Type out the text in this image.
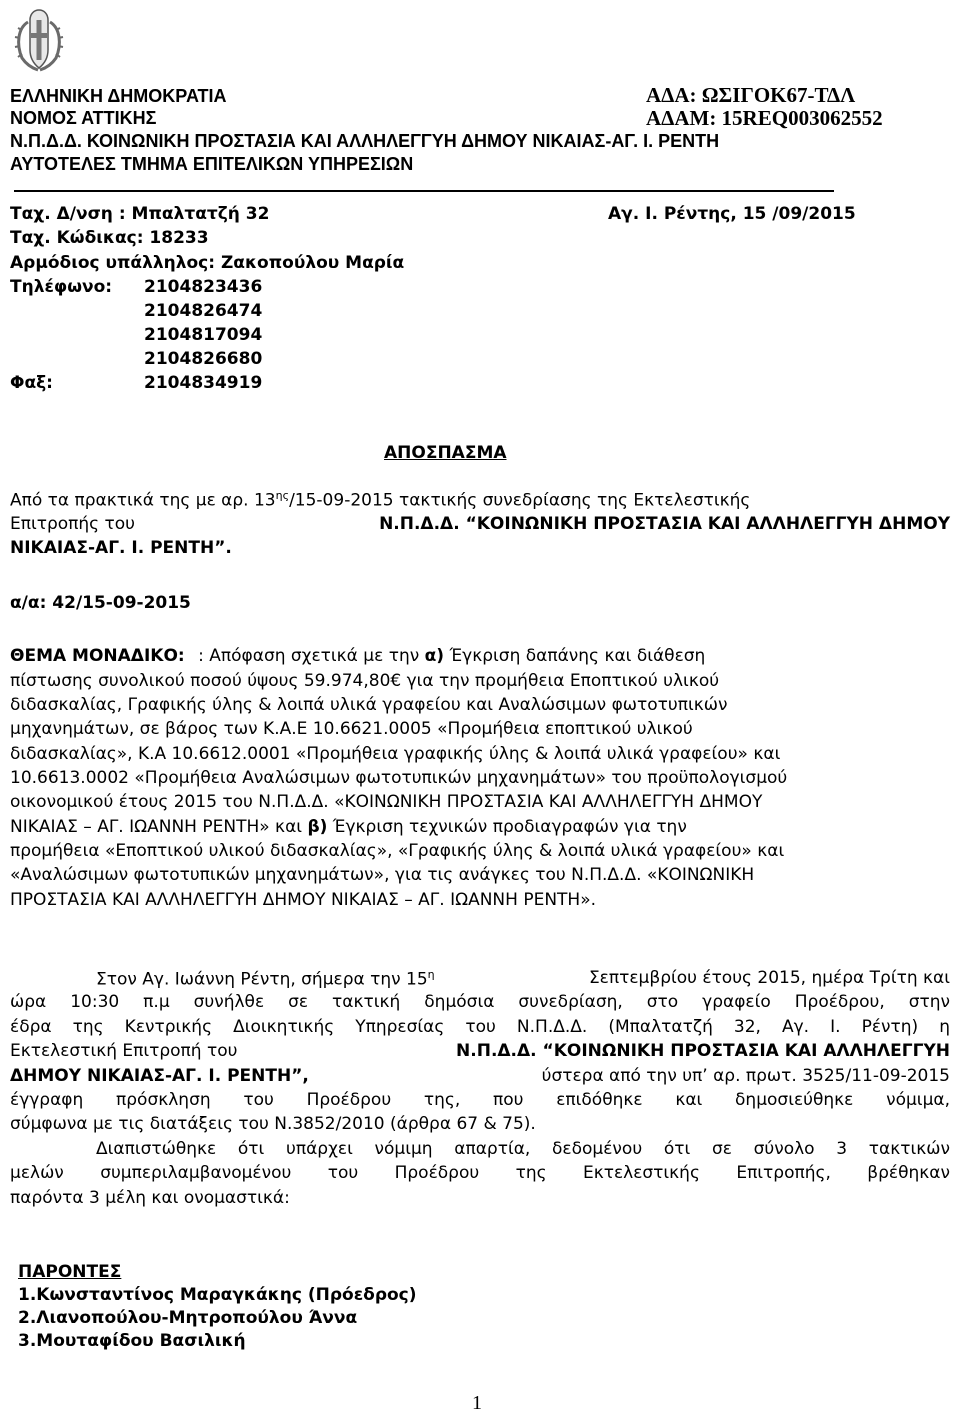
ΕΛΛΗΝΙΚΗ ΔΗΜΟΚΡΑΤΙΑ
ΝΟΜΟΣ ΑΤΤΙΚΗΣ
ΑΔΑ: ΩΣΙΓΟΚ67-ΤΔΛ
ΑΔΑΜ: 15REQ003062552
Ν.Π.Δ.Δ. ΚΟΙΝΩΝΙΚΗ ΠΡΟΣΤΑΣΙΑ ΚΑΙ ΑΛΛΗΛΕΓΓΥΗ ΔΗΜΟΥ ΝΙΚΑΙΑΣ-ΑΓ. Ι. ΡΕΝΤΗ
ΑΥΤΟΤΕΛΕΣ ΤΜΗΜΑ ΕΠΙΤΕΛΙΚΩΝ ΥΠΗΡΕΣΙΩΝ
Ταχ. Δ/νση : Μπαλτατζή 32	Αγ. Ι. Ρέντης, 15 /09/2015
Ταχ. Κώδικας: 18233
Αρμόδιος υπάλληλος: Ζακοπούλου Μαρία
Τηλέφωνο: 2104823436
2104826474
2104817094
2104826680
Φαξ:	2104834919
ΑΠΟΣΠΑΣΜΑ
Από τα πρακτικά της με αρ. $13^{\eta\varsigma}/15-09-2015$ τακτικής συνεδρίασης της Εκτελεστικής
Επιτροπής του	Ν.Π.Δ.Δ. “ΚΟΙΝΩΝΙΚΗ ΠΡΟΣΤΑΣΙΑ ΚΑΙ ΑΛΛΗΛΕΓΓΥΗ ΔΗΜΟΥ
ΝΙΚΑΙΑΣ-ΑΓ. Ι. ΡΕΝΤΗ”.
α/α: 42/15-09-2015
ΘΕΜΑ ΜΟΝΑΔΙΚΟ: : Απόφαση σχετικά με την α) Έγκριση δαπάνης και διάθεση
πίστωσης συνολικού ποσού ύψους 59.974,80€ για την προμήθεια Εποπτικού υλικού
διδασκαλίας, Γραφικής ύλης & λοιπά υλικά γραφείου και Αναλώσιμων φωτοτυπικών
μηχανημάτων, σε βάρος των Κ.Α.Ε 10.6621.0005 «Προμήθεια εποπτικού υλικού
διδασκαλίας», Κ.Α 10.6612.0001 «Προμήθεια γραφικής ύλης & λοιπά υλικά γραφείου» και
10.6613.0002 «Προμήθεια Αναλώσιμων φωτοτυπικών μηχανημάτων» του προϋπολογισμού
οικονομικού έτους 2015 του Ν.Π.Δ.Δ. «ΚΟΙΝΩΝΙΚΗ ΠΡΟΣΤΑΣΙΑ ΚΑΙ ΑΛΛΗΛΕΓΓΥΗ ΔΗΜΟΥ
ΝΙΚΑΙΑΣ – ΑΓ. ΙΩΑΝΝΗ ΡΕΝΤΗ» και β) Έγκριση τεχνικών προδιαγραφών για την
προμήθεια «Εποπτικού υλικού διδασκαλίας», «Γραφικής ύλης & λοιπά υλικά γραφείου» και
«Αναλώσιμων φωτοτυπικών μηχανημάτων», για τις ανάγκες του Ν.Π.Δ.Δ. «ΚΟΙΝΩΝΙΚΗ
ΠΡΟΣΤΑΣΙΑ ΚΑΙ ΑΛΛΗΛΕΓΓΥΗ ΔΗΜΟΥ ΝΙΚΑΙΑΣ – ΑΓ. ΙΩΑΝΝΗ ΡΕΝΤΗ».
Στον Αγ. Ιωάννη Ρέντη, σήμερα την $15^\eta$	Σεπτεμβρίου έτους 2015, ημέρα Τρίτη και
ώρα 10:30 π.μ συνήλθε σε τακτική δημόσια συνεδρίαση, στο γραφείο Προέδρου, στην
έδρα της Κεντρικής Διοικητικής Υπηρεσίας του Ν.Π.Δ.Δ. (Μπαλτατζή 32, Αγ. Ι. Ρέντη) η
Εκτελεστική Επιτροπή του	Ν.Π.Δ.Δ. “ΚΟΙΝΩΝΙΚΗ ΠΡΟΣΤΑΣΙΑ ΚΑΙ ΑΛΛΗΛΕΓΓΥΗ
ΔΗΜΟΥ ΝΙΚΑΙΑΣ-ΑΓ. Ι. ΡΕΝΤΗ”,	ύστερα από την υπ’ αρ. πρωτ. 3525/11-09-2015
έγγραφη πρόσκληση του Προέδρου της, που επιδόθηκε και δημοσιεύθηκε νόμιμα,
σύμφωνα με τις διατάξεις του Ν.3852/2010 (άρθρα 67 & 75).
Διαπιστώθηκε ότι υπάρχει νόμιμη απαρτία, δεδομένου ότι σε σύνολο 3 τακτικών
μελών συμπεριλαμβανομένου του Προέδρου της Εκτελεστικής Επιτροπής, βρέθηκαν
παρόντα 3 μέλη και ονομαστικά:
ΠΑΡΟΝΤΕΣ
1.Κωνσταντίνος Μαραγκάκης (Πρόεδρος)
2.Λιανοπούλου-Μητροπούλου Άννα
3.Μουταφίδου Βασιλική
1
